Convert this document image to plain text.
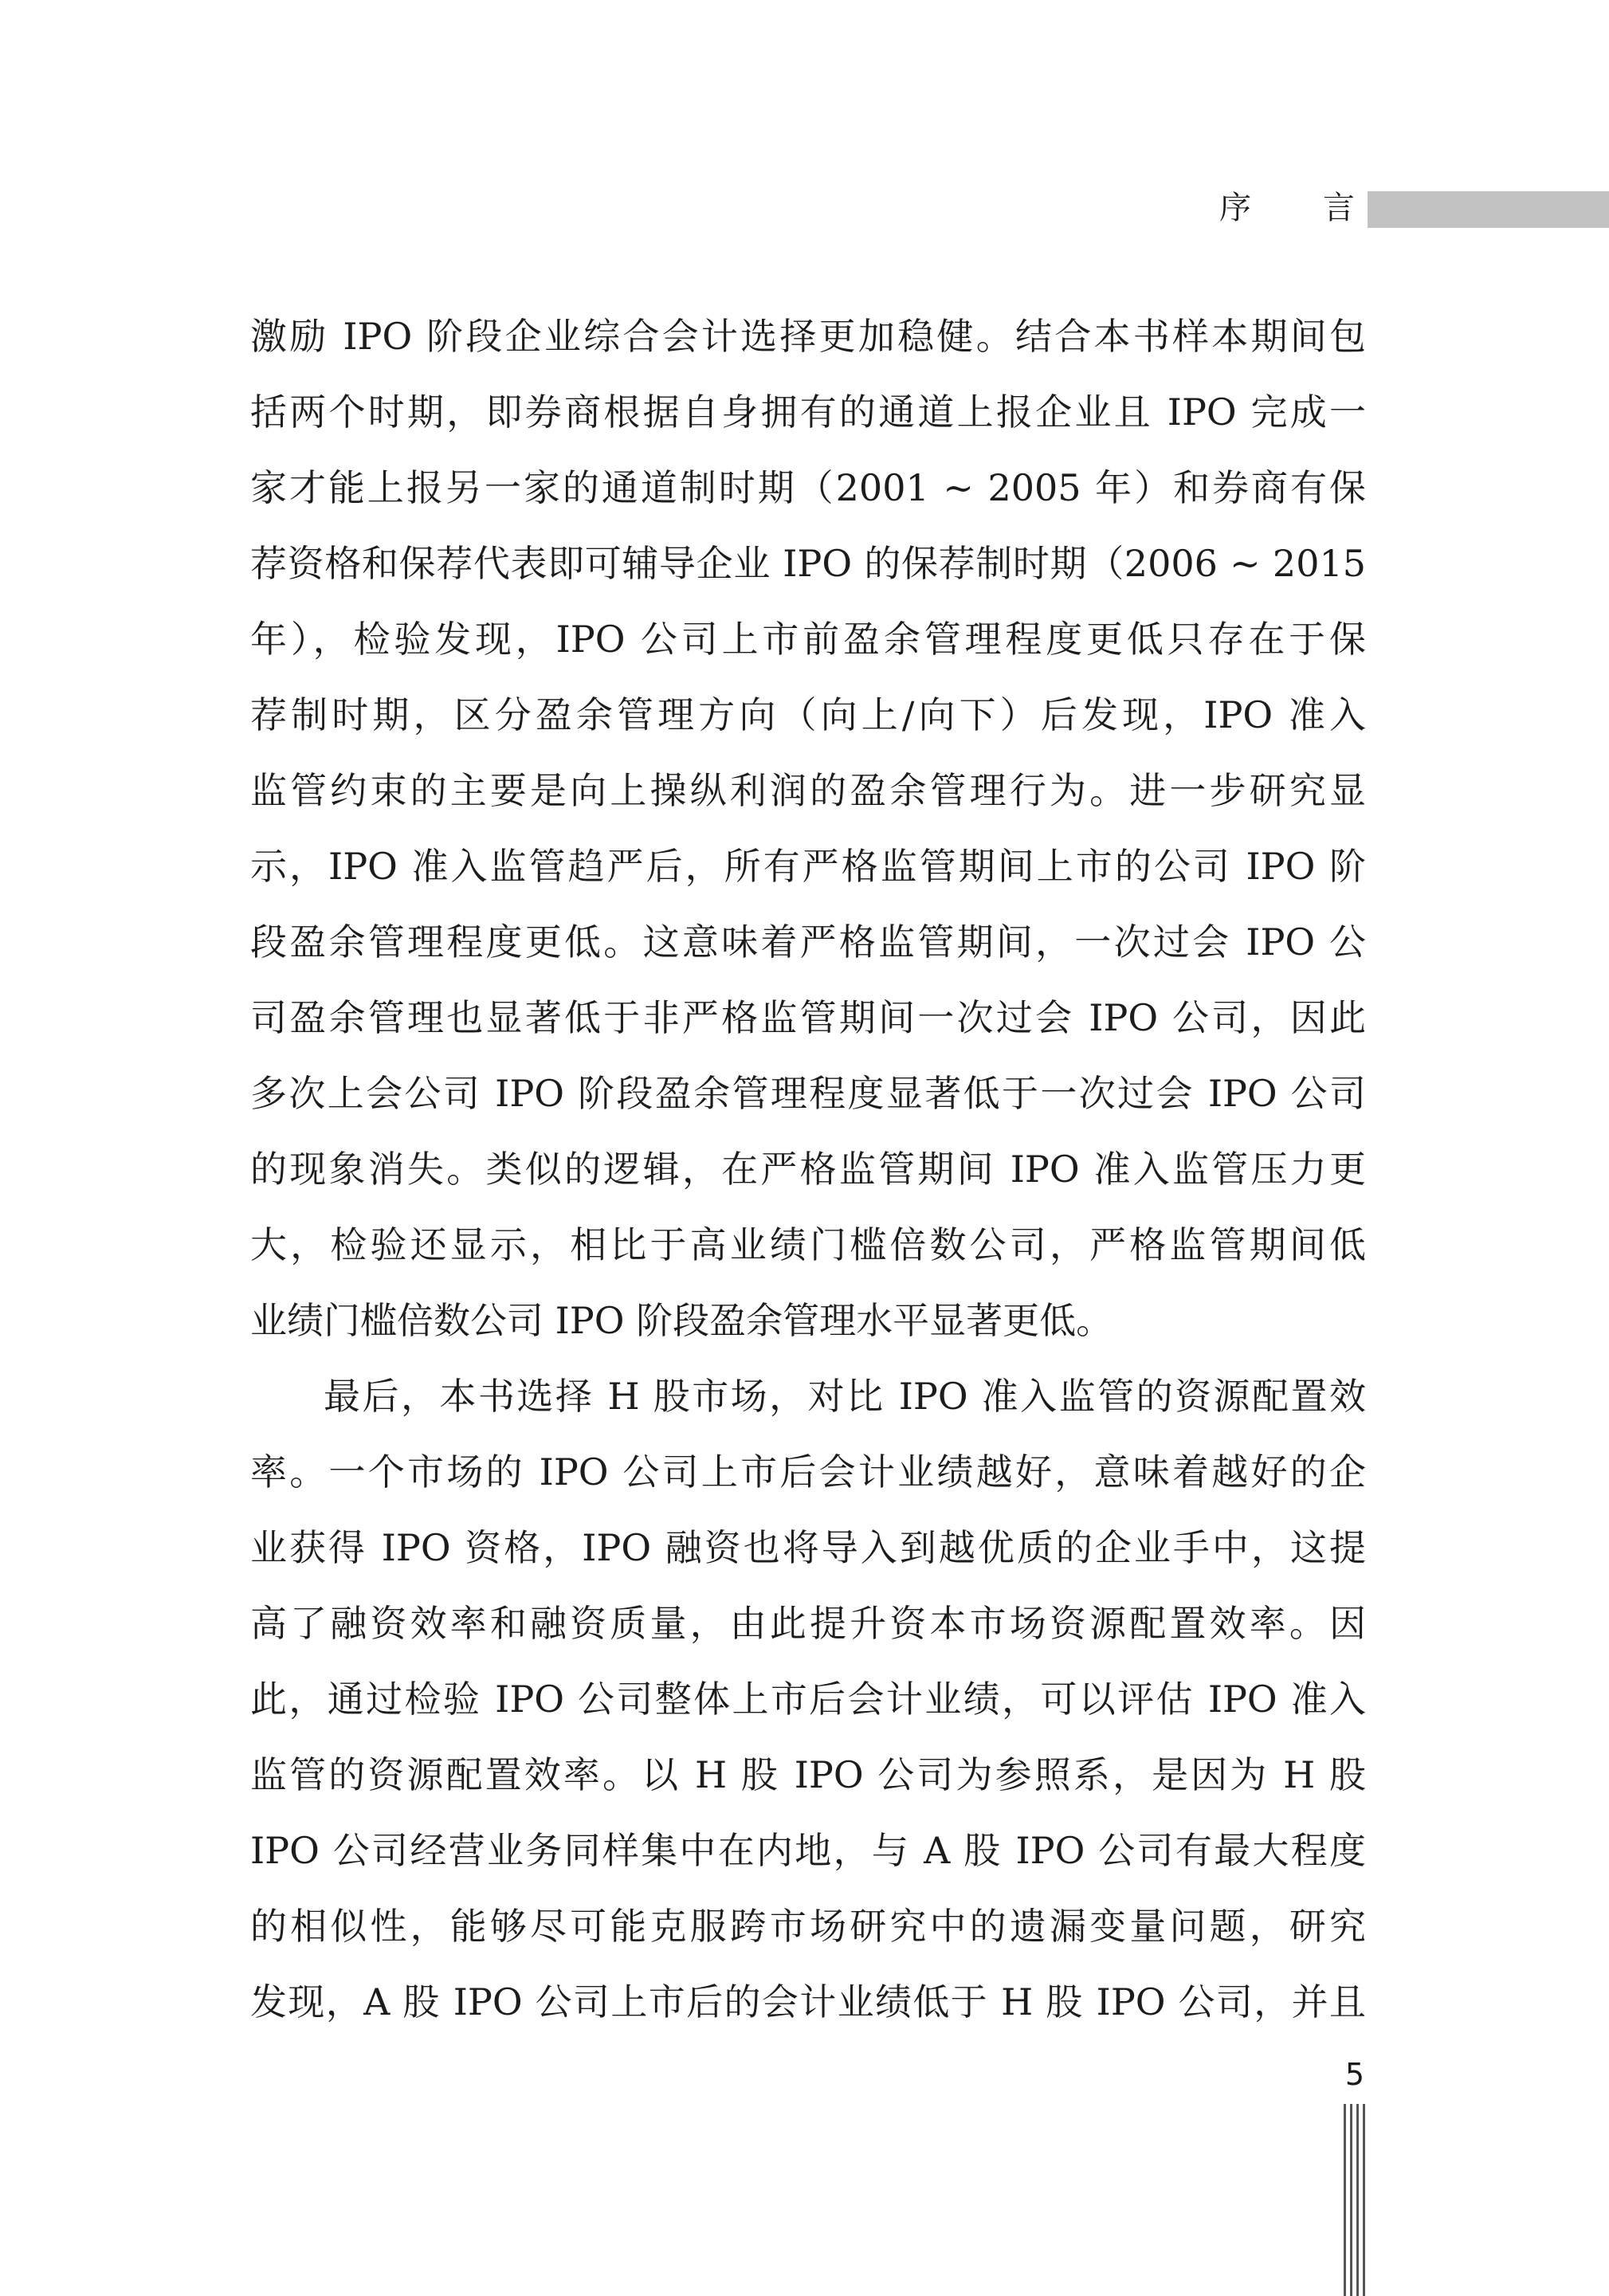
序 言
激励 IPO 阶段企业综合会计选择更加稳健。结合本书样本期间包
括两个时期，即券商根据自身拥有的通道上报企业且 IPO 完成一
家才能上报另一家的通道制时期（2001 ~ 2005 年）和券商有保
荐资格和保荐代表即可辅导企业 IPO 的保荐制时期（2006 ~ 2015
年），检验发现，IPO 公司上市前盈余管理程度更低只存在于保
荐制时期，区分盈余管理方向（向上/向下）后发现，IPO 准入
监管约束的主要是向上操纵利润的盈余管理行为。进一步研究显
示，IPO 准入监管趋严后，所有严格监管期间上市的公司 IPO 阶
段盈余管理程度更低。这意味着严格监管期间，一次过会 IPO 公
司盈余管理也显著低于非严格监管期间一次过会 IPO 公司，因此
多次上会公司 IPO 阶段盈余管理程度显著低于一次过会 IPO 公司
的现象消失。类似的逻辑，在严格监管期间 IPO 准入监管压力更
大，检验还显示，相比于高业绩门槛倍数公司，严格监管期间低
业绩门槛倍数公司 IPO 阶段盈余管理水平显著更低。
最后，本书选择 H 股市场，对比 IPO 准入监管的资源配置效
率。一个市场的 IPO 公司上市后会计业绩越好，意味着越好的企
业获得 IPO 资格，IPO 融资也将导入到越优质的企业手中，这提
高了融资效率和融资质量，由此提升资本市场资源配置效率。因
此，通过检验 IPO 公司整体上市后会计业绩，可以评估 IPO 准入
监管的资源配置效率。以 H 股 IPO 公司为参照系，是因为 H 股
IPO 公司经营业务同样集中在内地，与 A 股 IPO 公司有最大程度
的相似性，能够尽可能克服跨市场研究中的遗漏变量问题，研究
发现，A 股 IPO 公司上市后的会计业绩低于 H 股 IPO 公司，并且
5
